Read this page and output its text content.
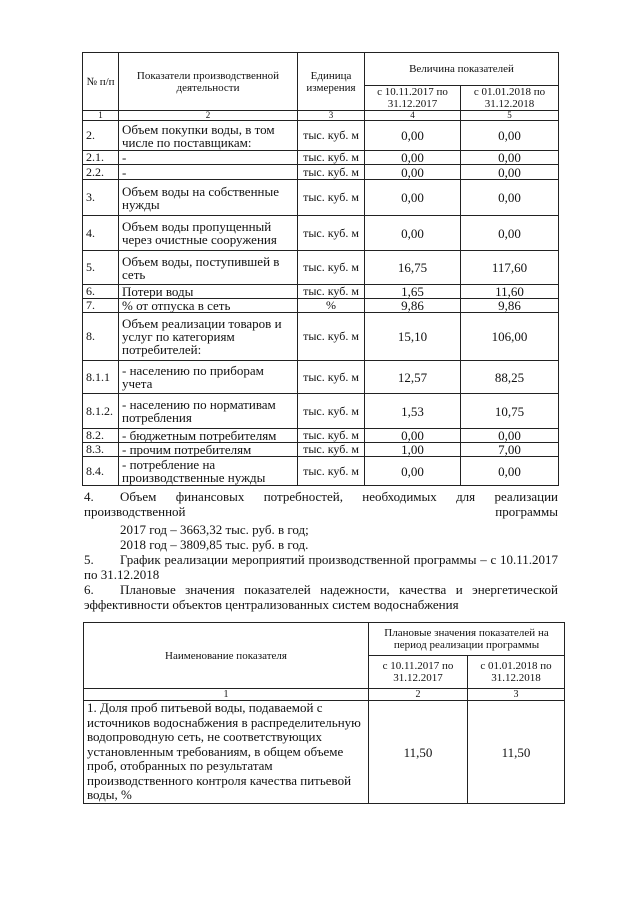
№ п/п	Показатели производственной деятельности	Единица измерения	Величина показателей	
			с 10.11.2017 по 31.12.2017	с 01.01.2018 по 31.12.2018
1	2	3	4	5
2.	Объем покупки воды, в том числе по поставщикам:	тыс. куб. м	0,00	0,00
2.1.	-	тыс. куб. м	0,00	0,00
2.2.	-	тыс. куб. м	0,00	0,00
3.	Объем воды на собственные нужды	тыс. куб. м	0,00	0,00
4.	Объем воды пропущенный через очистные сооружения	тыс. куб. м	0,00	0,00
5.	Объем воды, поступившей в сеть	тыс. куб. м	16,75	117,60
6.	Потери воды	тыс. куб. м	1,65	11,60
7.	% от отпуска в сеть	%	9,86	9,86
8.	Объем реализации товаров и услуг по категориям потребителей:	тыс. куб. м	15,10	106,00
8.1.1	- населению по приборам учета	тыс. куб. м	12,57	88,25
8.1.2.	- населению по нормативам потребления	тыс. куб. м	1,53	10,75
8.2.	- бюджетным потребителям	тыс. куб. м	0,00	0,00
8.3.	- прочим потребителям	тыс. куб. м	1,00	7,00
8.4.	- потребление на производственные нужды	тыс. куб. м	0,00	0,00
4. Объем финансовых потребностей, необходимых для реализации производственной программы
2017 год – 3663,32 тыс. руб. в год;
2018 год – 3809,85 тыс. руб. в год.
5. График реализации мероприятий производственной программы – с 10.11.2017 по 31.12.2018
6. Плановые значения показателей надежности, качества и энергетической эффективности объектов централизованных систем водоснабжения
Наименование показателя	Плановые значения показателей на период реализации программы	
	с 10.11.2017 по 31.12.2017	с 01.01.2018 по 31.12.2018
1	2	3
1. Доля проб питьевой воды, подаваемой с источников водоснабжения в распределительную водопроводную сеть, не соответствующих установленным требованиям, в общем объеме проб, отобранных по результатам производственного контроля качества питьевой воды, %	11,50	11,50
